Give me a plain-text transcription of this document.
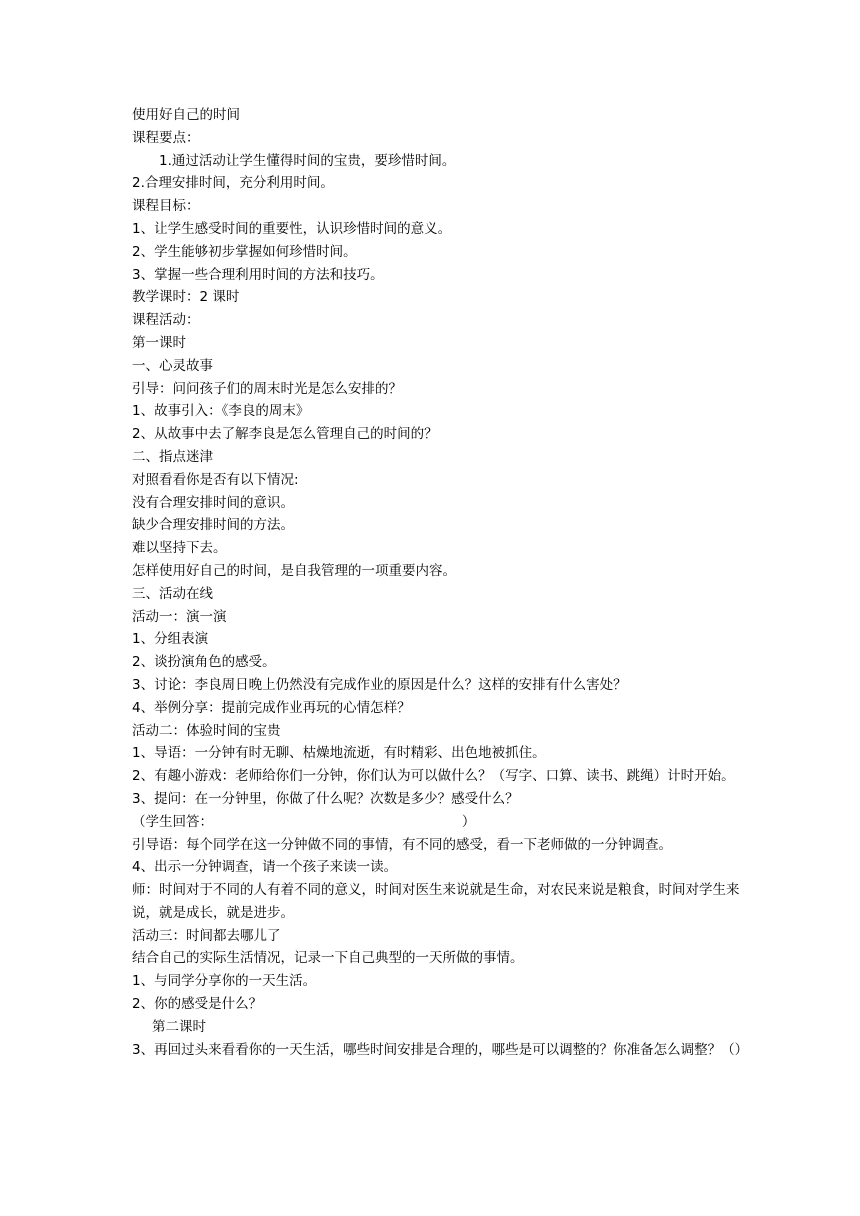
使用好自己的时间
课程要点：
1.通过活动让学生懂得时间的宝贵，要珍惜时间。
2.合理安排时间，充分利用时间。
课程目标：
1、让学生感受时间的重要性，认识珍惜时间的意义。
2、学生能够初步掌握如何珍惜时间。
3、掌握一些合理利用时间的方法和技巧。
教学课时：2 课时
课程活动：
第一课时
一、心灵故事
引导：问问孩子们的周末时光是怎么安排的？
1、故事引入：《李良的周末》
2、从故事中去了解李良是怎么管理自己的时间的？
二、指点迷津
对照看看你是否有以下情况:
没有合理安排时间的意识。
缺少合理安排时间的方法。
难以坚持下去。
怎样使用好自己的时间，是自我管理的一项重要内容。
三、活动在线
活动一：演一演
1、分组表演
2、谈扮演角色的感受。
3、讨论：李良周日晚上仍然没有完成作业的原因是什么？这样的安排有什么害处？
4、举例分享：提前完成作业再玩的心情怎样？
活动二：体验时间的宝贵
1、导语：一分钟有时无聊、枯燥地流逝，有时精彩、出色地被抓住。
2、有趣小游戏：老师给你们一分钟，你们认为可以做什么？（写字、口算、读书、跳绳）计时开始。
3、提问：在一分钟里，你做了什么呢？次数是多少？感受什么？
（学生回答：                                                          ）
引导语：每个同学在这一分钟做不同的事情，有不同的感受，看一下老师做的一分钟调查。
4、出示一分钟调查，请一个孩子来读一读。
师：时间对于不同的人有着不同的意义，时间对医生来说就是生命，对农民来说是粮食，时间对学生来说，就是成长，就是进步。
活动三：时间都去哪儿了
结合自己的实际生活情况，记录一下自己典型的一天所做的事情。
1、与同学分享你的一天生活。
2、你的感受是什么？
第二课时
3、再回过头来看看你的一天生活，哪些时间安排是合理的，哪些是可以调整的？你准备怎么调整？（）
